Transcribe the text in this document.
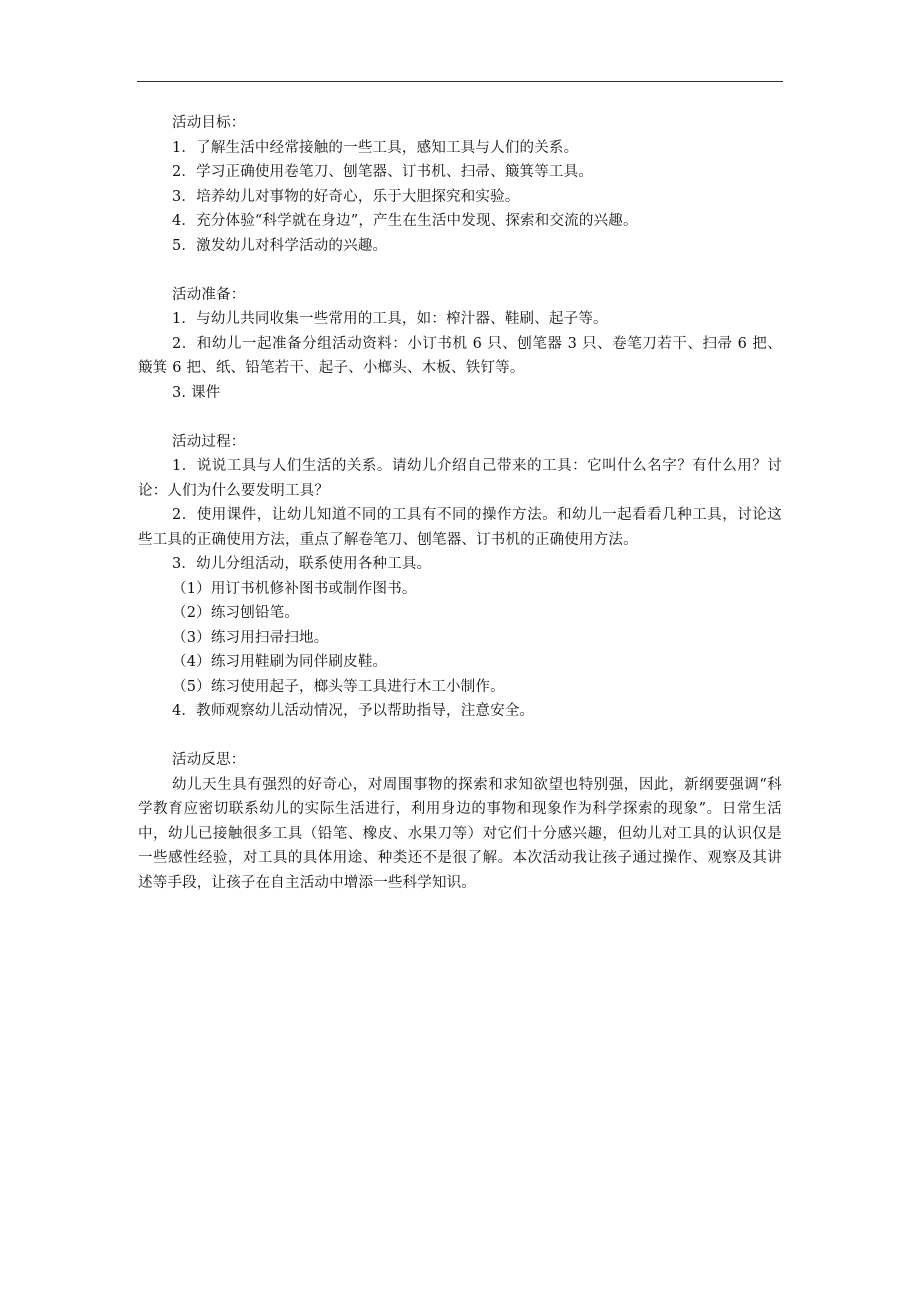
活动目标：

1．了解生活中经常接触的一些工具，感知工具与人们的关系。

2．学习正确使用卷笔刀、刨笔器、订书机、扫帚、簸箕等工具。

3．培养幼儿对事物的好奇心，乐于大胆探究和实验。

4．充分体验“科学就在身边”，产生在生活中发现、探索和交流的兴趣。

5．激发幼儿对科学活动的兴趣。

活动准备：

1．与幼儿共同收集一些常用的工具，如：榨汁器、鞋刷、起子等。

2．和幼儿一起准备分组活动资料：小订书机 6 只、刨笔器 3 只、卷笔刀若干、扫帚 6 把、簸箕 6 把、纸、铅笔若干、起子、小榔头、木板、铁钉等。

3. 课件

活动过程：

1．说说工具与人们生活的关系。请幼儿介绍自己带来的工具：它叫什么名字？有什么用？讨论：人们为什么要发明工具？

2．使用课件，让幼儿知道不同的工具有不同的操作方法。和幼儿一起看看几种工具，讨论这些工具的正确使用方法，重点了解卷笔刀、刨笔器、订书机的正确使用方法。

3．幼儿分组活动，联系使用各种工具。

（1）用订书机修补图书或制作图书。

（2）练习刨铅笔。

（3）练习用扫帚扫地。

（4）练习用鞋刷为同伴刷皮鞋。

（5）练习使用起子，榔头等工具进行木工小制作。

4．教师观察幼儿活动情况，予以帮助指导，注意安全。

活动反思：

幼儿天生具有强烈的好奇心，对周围事物的探索和求知欲望也特别强，因此，新纲要强调“科学教育应密切联系幼儿的实际生活进行，利用身边的事物和现象作为科学探索的现象”。日常生活中，幼儿已接触很多工具（铅笔、橡皮、水果刀等）对它们十分感兴趣，但幼儿对工具的认识仅是一些感性经验，对工具的具体用途、种类还不是很了解。本次活动我让孩子通过操作、观察及其讲述等手段，让孩子在自主活动中增添一些科学知识。
